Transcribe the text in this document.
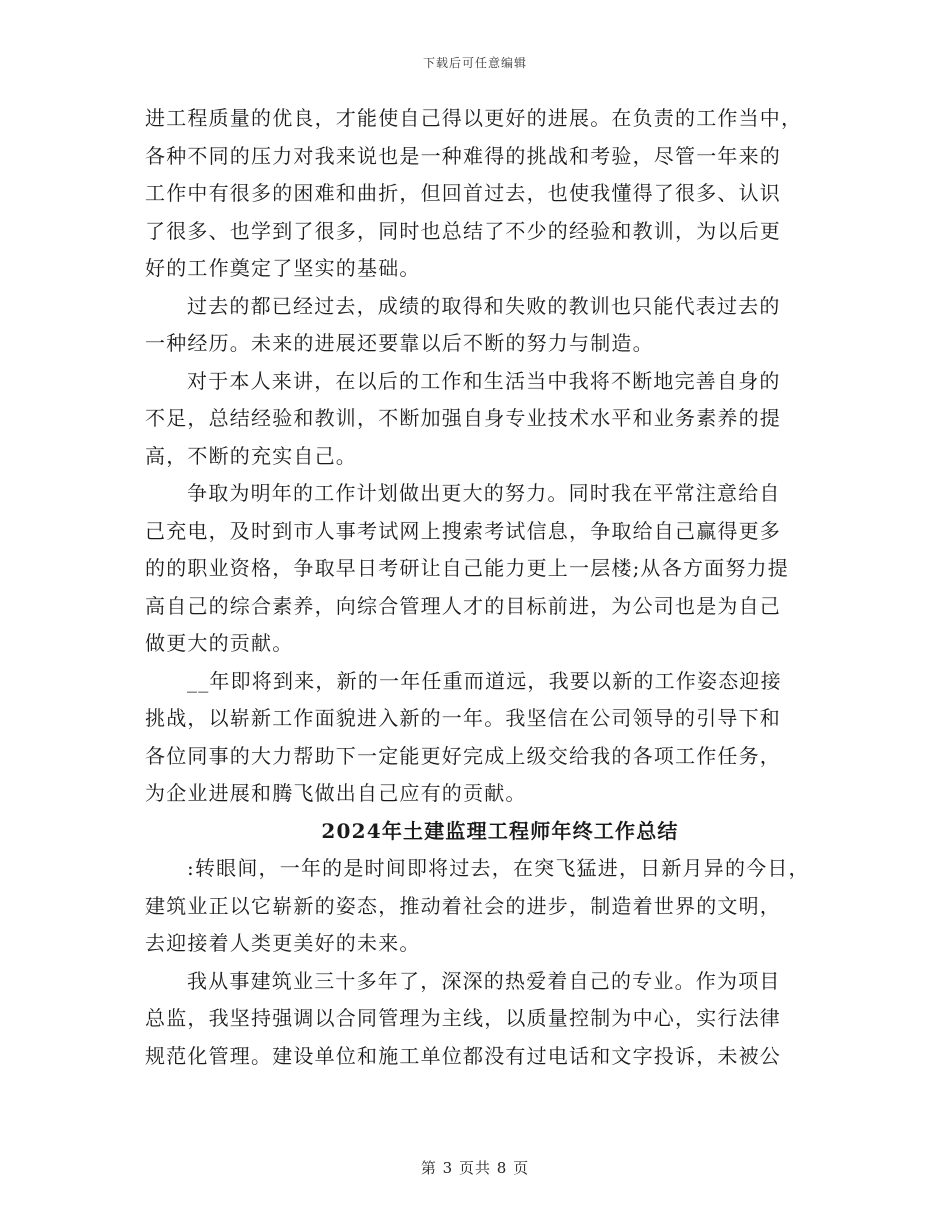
下载后可任意编辑
进工程质量的优良，才能使自己得以更好的进展。在负责的工作当中，
各种不同的压力对我来说也是一种难得的挑战和考验，尽管一年来的
工作中有很多的困难和曲折，但回首过去，也使我懂得了很多、认识
了很多、也学到了很多，同时也总结了不少的经验和教训，为以后更
好的工作奠定了坚实的基础。
过去的都已经过去，成绩的取得和失败的教训也只能代表过去的
一种经历。未来的进展还要靠以后不断的努力与制造。
对于本人来讲，在以后的工作和生活当中我将不断地完善自身的
不足，总结经验和教训，不断加强自身专业技术水平和业务素养的提
高，不断的充实自己。
争取为明年的工作计划做出更大的努力。同时我在平常注意给自
己充电，及时到市人事考试网上搜索考试信息，争取给自己赢得更多
的的职业资格，争取早日考研让自己能力更上一层楼;从各方面努力提
高自己的综合素养，向综合管理人才的目标前进，为公司也是为自己
做更大的贡献。
__年即将到来，新的一年任重而道远，我要以新的工作姿态迎接
挑战，以崭新工作面貌进入新的一年。我坚信在公司领导的引导下和
各位同事的大力帮助下一定能更好完成上级交给我的各项工作任务，
为企业进展和腾飞做出自己应有的贡献。
2024年土建监理工程师年终工作总结
:转眼间，一年的是时间即将过去，在突飞猛进，日新月异的今日，
建筑业正以它崭新的姿态，推动着社会的进步，制造着世界的文明，
去迎接着人类更美好的未来。
我从事建筑业三十多年了，深深的热爱着自己的专业。作为项目
总监，我坚持强调以合同管理为主线，以质量控制为中心，实行法律
规范化管理。建设单位和施工单位都没有过电话和文字投诉，未被公
第 3 页共 8 页
